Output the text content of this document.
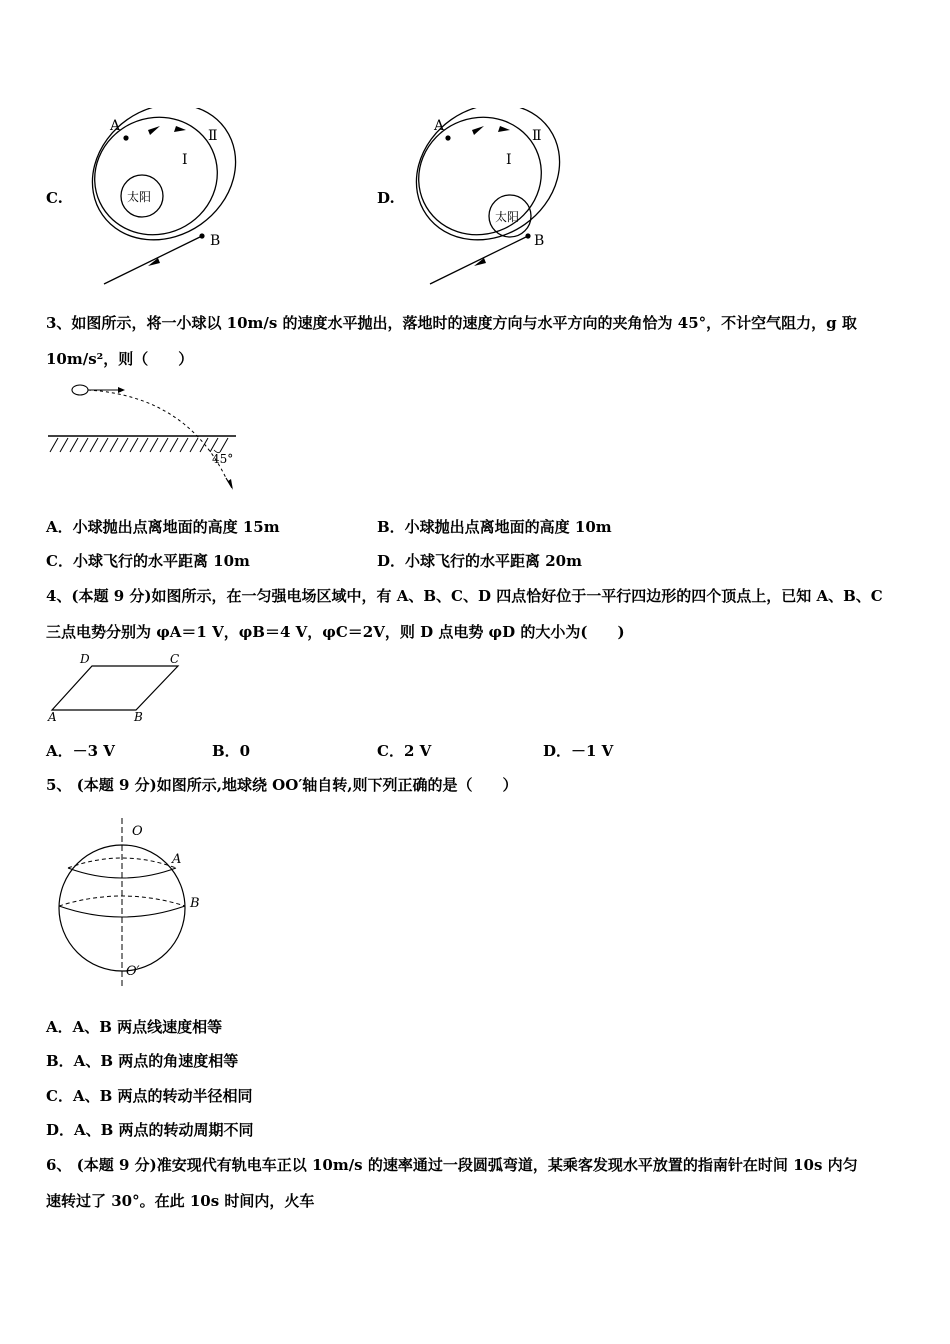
C.
A
B
I
Ⅱ
太阳	D.
A
B
I
Ⅱ
太阳
3、如图所示，将一小球以 10m/s 的速度水平抛出，落地时的速度方向与水平方向的夹角恰为 45°，不计空气阻力，g 取
10m/s²，则（　　）
45°
A．小球抛出点离地面的高度 15m	B．小球抛出点离地面的高度 10m
C．小球飞行的水平距离 10m	D．小球飞行的水平距离 20m
4、(本题 9 分)如图所示，在一匀强电场区域中，有 A、B、C、D 四点恰好位于一平行四边形的四个顶点上，已知 A、B、C
三点电势分别为 φA＝1 V，φB＝4 V，φC＝2V，则 D 点电势 φD 的大小为(　　)
A	B
C
D
A．－3 V	B．0	C．2 V	D．－1 V
5、 (本题 9 分)如图所示,地球绕 OO′轴自转,则下列正确的是（　　）
O
O′
A
B
A．A、B 两点线速度相等
B．A、B 两点的角速度相等
C．A、B 两点的转动半径相同
D．A、B 两点的转动周期不同
6、 (本题 9 分)准安现代有轨电车正以 10m/s 的速率通过一段圆弧弯道，某乘客发现水平放置的指南针在时间 10s 内匀
速转过了 30°。在此 10s 时间内，火车
